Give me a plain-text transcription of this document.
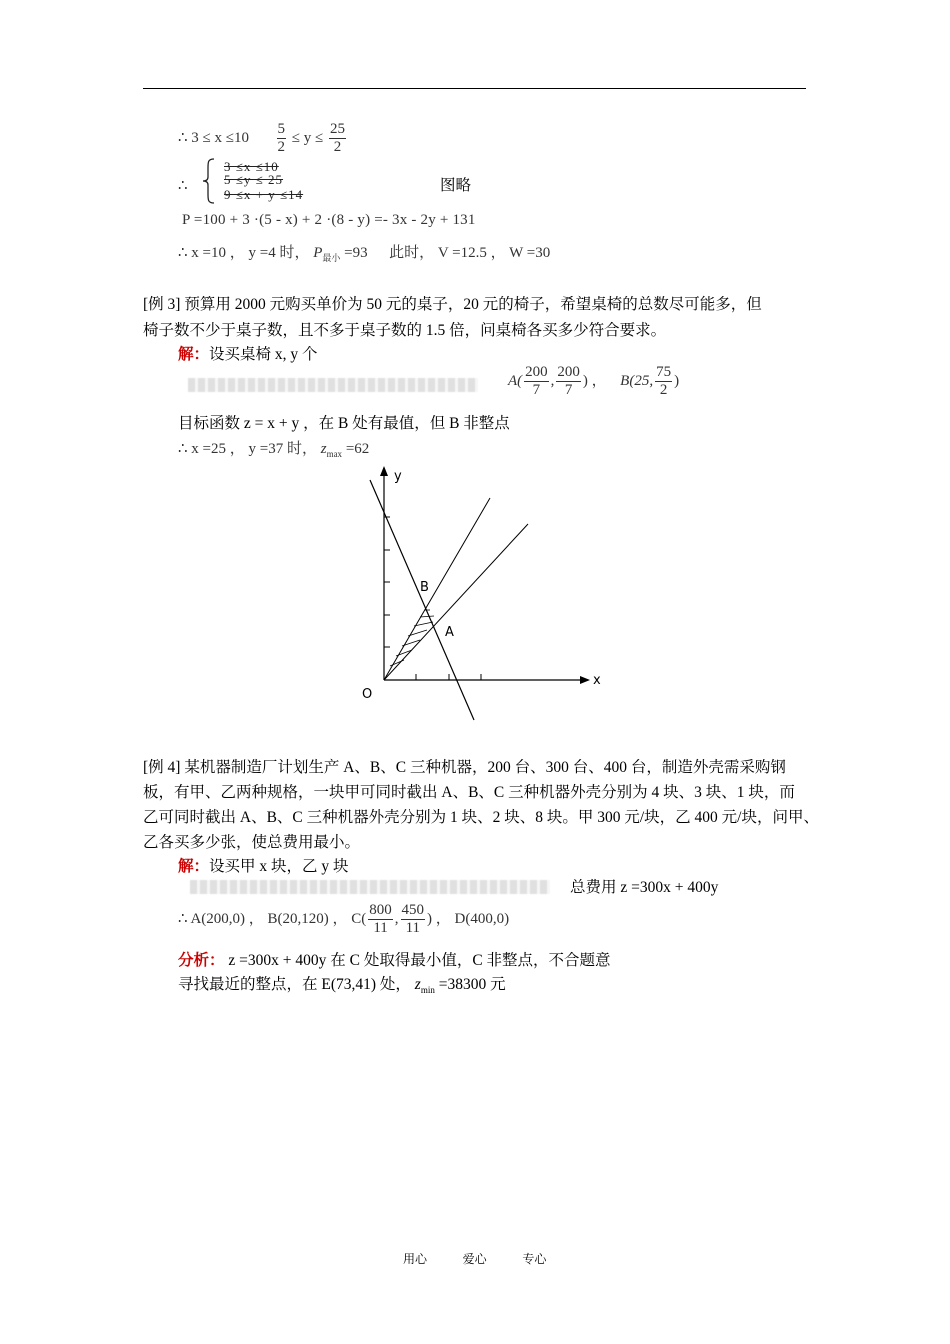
∴ $3 \le x \le 10 \frac{5}{2} \le y \le \frac{25}{2}$
∴
3 ≤x ≤10
5 ≤y ≤ 25
9 ≤x + y ≤14
图略
P =100 + 3 ·(5 - x) + 2 ·(8 - y) =- 3x - 2y + 131
∴ x =10 ， y =4 时， $P_{最小} =93$ 此时， V =12.5 ， W =30
[例 3] 预算用 2000 元购买单价为 50 元的桌子，20 元的椅子，希望桌椅的总数尽可能多，但
椅子数不少于桌子数，且不多于桌子数的 1.5 倍，问桌椅各买多少符合要求。
解：设买桌椅 x, y 个
$A( \frac{200}{7}$ , $\frac{200}{7}$ ) ， B(25, $\frac{75}{2}$ )
目标函数 z = x + y ，在 B 处有最值，但 B 非整点
∴ x =25 ， y =37 时， $z_{max} =62$
y
x
O
B
A
[例 4] 某机器制造厂计划生产 A、B、C 三种机器，200 台、300 台、400 台，制造外壳需采购钢
板，有甲、乙两种规格，一块甲可同时截出 A、B、C 三种机器外壳分别为 4 块、3 块、1 块，而
乙可同时截出 A、B、C 三种机器外壳分别为 1 块、2 块、8 块。甲 300 元/块，乙 400 元/块，问甲、
乙各买多少张，使总费用最小。
解：设买甲 x 块，乙 y 块
总费用 z =300x + 400y
∴ A(200,0) ， B(20,120) ， $C( \frac{800}{11}$ , $\frac{450}{11}$ ) ， D(400,0)
分析： z =300x + 400y 在 C 处取得最小值，C 非整点，不合题意
寻找最近的整点，在 E(73,41) 处， $z_{min} =38300$ 元
用心	爱心	专心
